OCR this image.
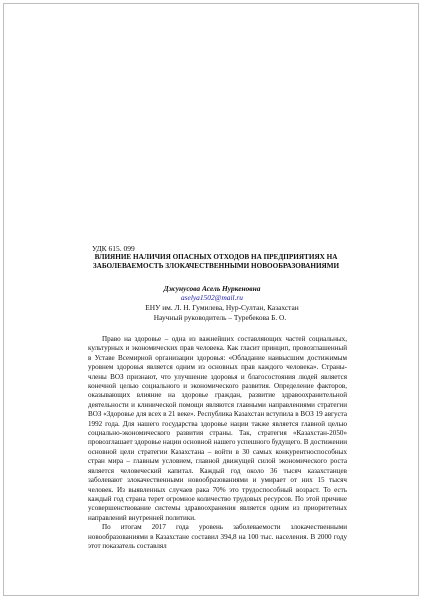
УДК 615. 099
ВЛИЯНИЕ НАЛИЧИЯ ОПАСНЫХ ОТХОДОВ НА ПРЕДПРИЯТИЯХ НА ЗАБОЛЕВАЕМОСТЬ ЗЛОКАЧЕСТВЕННЫМИ НОВООБРАЗОВАНИЯМИ
Джунусова Асель Нуркеновна
aselya1502@mail.ru
ЕНУ им. Л. Н. Гумилева, Нур-Султан, Казахстан
Научный руководитель – Туребекова Б. О.

Право на здоровье – одна из важнейших составляющих частей социальных, культурных и экономических прав человека. Как гласит принцип, провозглашенный в Уставе Всемирной организации здоровья: «Обладание наивысшим достижимым уровнем здоровья является одним из основных прав каждого человека». Страны-члены ВОЗ признают, что улучшение здоровья и благосостояния людей является конечной целью социального и экономического развития. Определение факторов, оказывающих влияние на здоровье граждан, развитие здравоохранительной деятельности и клинической помощи являются главными направлениями стратегии ВОЗ «Здоровье для всех в 21 веке». Республика Казахстан вступила в ВОЗ 19 августа 1992 года. Для нашего государства здоровье нации также является главной целью социально-экономического развития страны. Так, стратегия «Казахстан-2050» провозглашает здоровье нации основной нашего успешного будущего. В достижении основной цели стратегии Казахстана – войти в 30 самых конкурентноспособных стран мира – главным условием, главной движущей силой экономического роста является человеческий капитал. Каждый год около 36 тысяч казахстанцев заболевают злокачественными новообразованиями и умирает от них 15 тысяч человек. Из выявленных случаев рака 70% это трудоспособный возраст. То есть каждый год страна терет огромное количество трудовых ресурсов. По этой причине усовершенствование системы здравоохранения является одним из приоритетных направлений внутренней политики.

По итогам 2017 года уровень заболеваемости злокачественными новообразованиями в Казахстане составил 394,8 на 100 тыс. населения. В 2000 году этот показатель составлял
